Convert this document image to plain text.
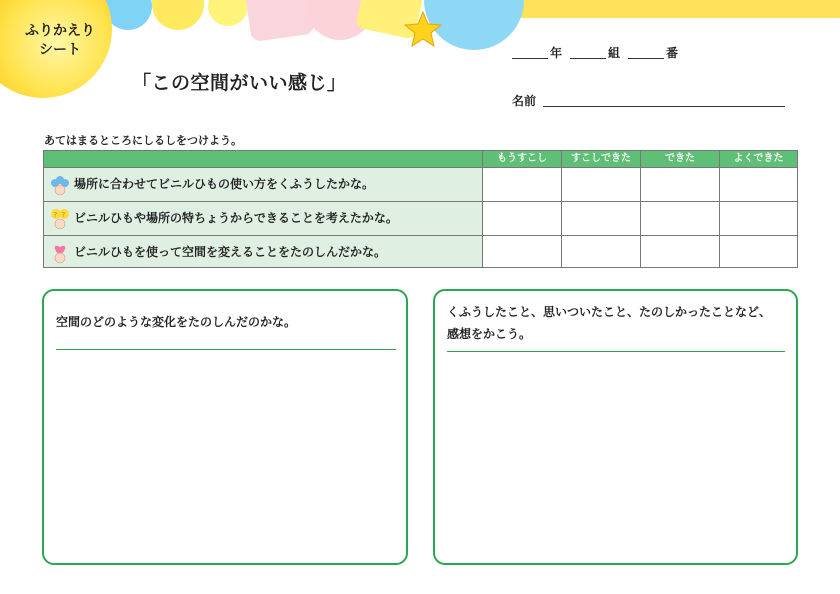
ふりかえり
シート
「この空間がいい感じ」
年	組	番
名前
あてはまるところにしるしをつけよう。
もうすこし	すこしできた	できた	よくできた
場所に合わせてビニルひもの使い方をくふうしたかな。
? ? ビニルひもや場所の特ちょうからできることを考えたかな。
ビニルひもを使って空間を変えることをたのしんだかな。
空間のどのような変化をたのしんだのかな。
くふうしたこと、思いついたこと、たのしかったことなど、
感想をかこう。
